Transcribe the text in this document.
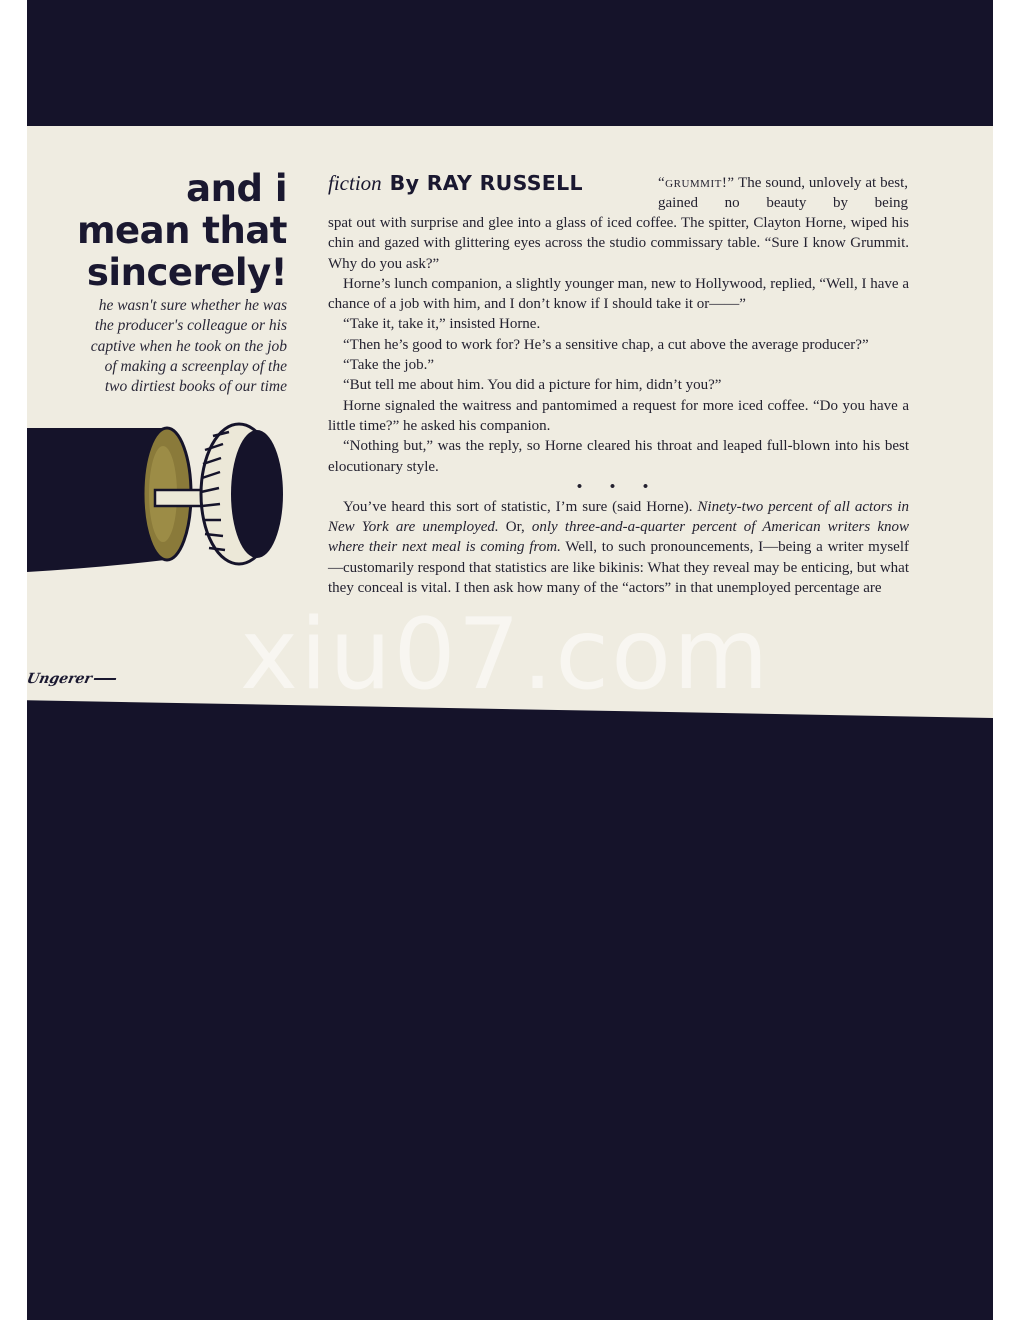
and i
mean that
sincerely!

he wasn't sure whether he was
the producer's colleague or his
captive when he took on the job
of making a screenplay of the
two dirtiest books of our time

Ungerer
fiction By RAY RUSSELL	“grummit!” The sound, unlovely at best, gained no beauty by being

spat out with surprise and glee into a glass of iced coffee. The spitter, Clayton Horne, wiped his chin and gazed with glittering eyes across the studio commissary table. “Sure I know Grummit. Why do you ask?”

Horne’s lunch companion, a slightly younger man, new to Hollywood, replied, “Well, I have a chance of a job with him, and I don’t know if I should take it or——”

“Take it, take it,” insisted Horne.

“Then he’s good to work for? He’s a sensitive chap, a cut above the average producer?”

“Take the job.”

“But tell me about him. You did a picture for him, didn’t you?”

Horne signaled the waitress and pantomimed a request for more iced coffee. “Do you have a little time?” he asked his companion.

“Nothing but,” was the reply, so Horne cleared his throat and leaped full-blown into his best elocutionary style.

• • •

You’ve heard this sort of statistic, I’m sure (said Horne). Ninety-two percent of all actors in New York are unemployed. Or, only three-and-a-quarter percent of American writers know where their next meal is coming from. Well, to such pronouncements, I—being a writer myself—customarily respond that statistics are like bikinis: What they reveal may be enticing, but what they conceal is vital. I then ask how many of the “actors” in that unemployed percentage are

xiu07.com
